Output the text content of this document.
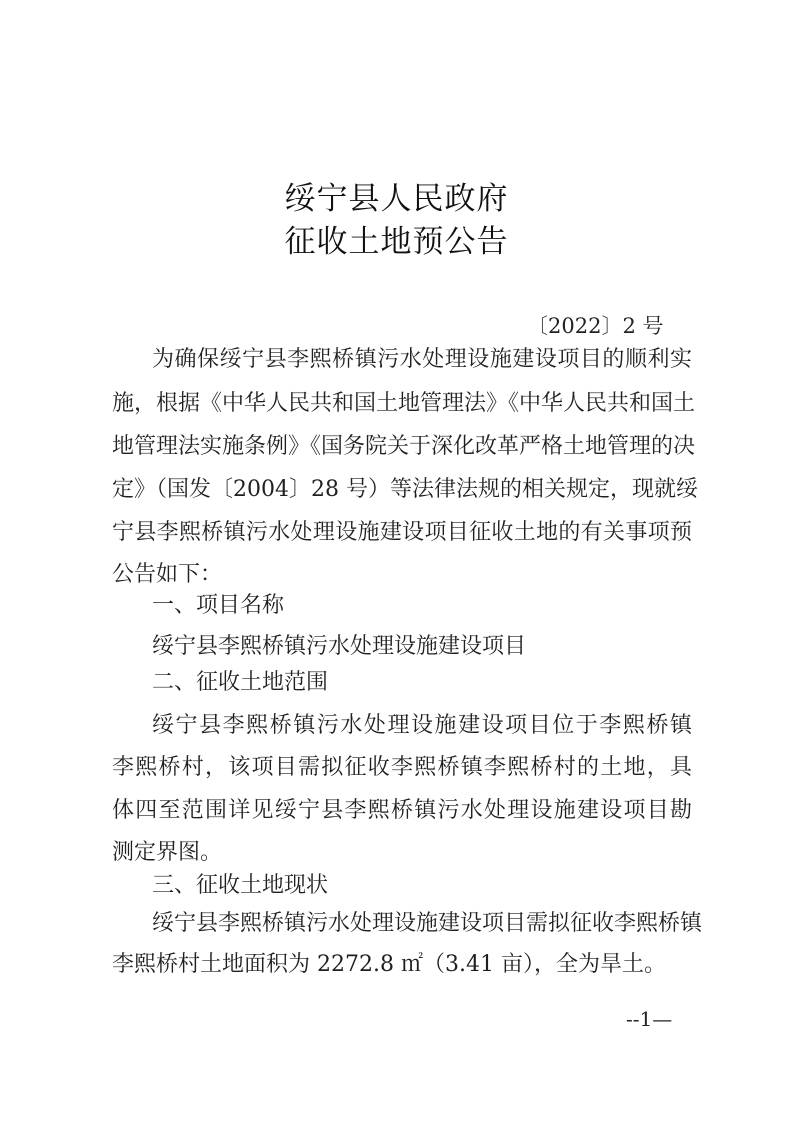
绥宁县人民政府
征收土地预公告
〔2022〕2 号
为确保绥宁县李熙桥镇污水处理设施建设项目的顺利实
施，根据《中华人民共和国土地管理法》《中华人民共和国土
地管理法实施条例》《国务院关于深化改革严格土地管理的决
定》（国发〔2004〕28 号）等法律法规的相关规定，现就绥
宁县李熙桥镇污水处理设施建设项目征收土地的有关事项预
公告如下：
一、项目名称
绥宁县李熙桥镇污水处理设施建设项目
二、征收土地范围
绥宁县李熙桥镇污水处理设施建设项目位于李熙桥镇
李熙桥村，该项目需拟征收李熙桥镇李熙桥村的土地，具
体四至范围详见绥宁县李熙桥镇污水处理设施建设项目勘
测定界图。
三、征收土地现状
绥宁县李熙桥镇污水处理设施建设项目需拟征收李熙桥镇
李熙桥村土地面积为 2272.8 ㎡（3.41 亩），全为旱土。
--1—
